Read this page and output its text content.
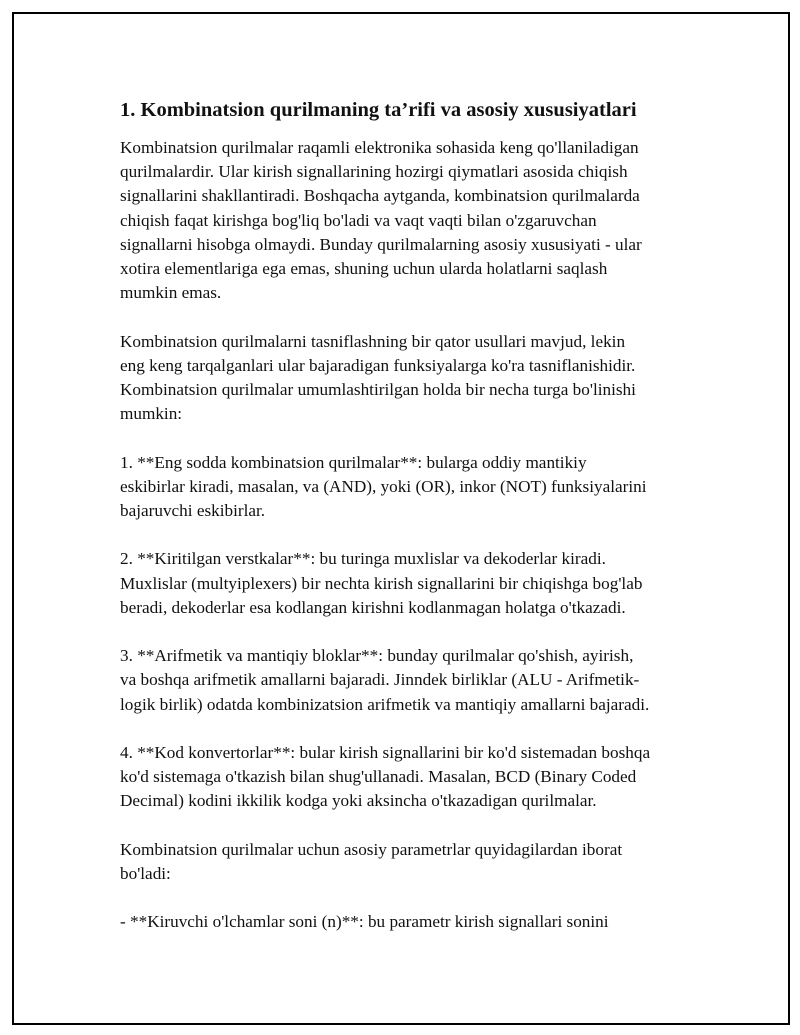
1. Kombinatsion qurilmaning ta’rifi va asosiy xususiyatlari

Kombinatsion qurilmalar raqamli elektronika sohasida keng qo'llaniladigan
qurilmalardir. Ular kirish signallarining hozirgi qiymatlari asosida chiqish
signallarini shakllantiradi. Boshqacha aytganda, kombinatsion qurilmalarda
chiqish faqat kirishga bog'liq bo'ladi va vaqt vaqti bilan o'zgaruvchan
signallarni hisobga olmaydi. Bunday qurilmalarning asosiy xususiyati - ular
xotira elementlariga ega emas, shuning uchun ularda holatlarni saqlash
mumkin emas.

Kombinatsion qurilmalarni tasniflashning bir qator usullari mavjud, lekin
eng keng tarqalganlari ular bajaradigan funksiyalarga ko'ra tasniflanishidir.
Kombinatsion qurilmalar umumlashtirilgan holda bir necha turga bo'linishi
mumkin:

1. **Eng sodda kombinatsion qurilmalar**: bularga oddiy mantikiy
eskibirlar kiradi, masalan, va (AND), yoki (OR), inkor (NOT) funksiyalarini
bajaruvchi eskibirlar.

2. **Kiritilgan verstkalar**: bu turinga muxlislar va dekoderlar kiradi.
Muxlislar (multyiplexers) bir nechta kirish signallarini bir chiqishga bog'lab
beradi, dekoderlar esa kodlangan kirishni kodlanmagan holatga o'tkazadi.

3. **Arifmetik va mantiqiy bloklar**: bunday qurilmalar qo'shish, ayirish,
va boshqa arifmetik amallarni bajaradi. Jinndek birliklar (ALU - Arifmetik-
logik birlik) odatda kombinizatsion arifmetik va mantiqiy amallarni bajaradi.

4. **Kod konvertorlar**: bular kirish signallarini bir ko'd sistemadan boshqa
ko'd sistemaga o'tkazish bilan shug'ullanadi. Masalan, BCD (Binary Coded
Decimal) kodini ikkilik kodga yoki aksincha o'tkazadigan qurilmalar.

Kombinatsion qurilmalar uchun asosiy parametrlar quyidagilardan iborat
bo'ladi:

- **Kiruvchi o'lchamlar soni (n)**: bu parametr kirish signallari sonini
